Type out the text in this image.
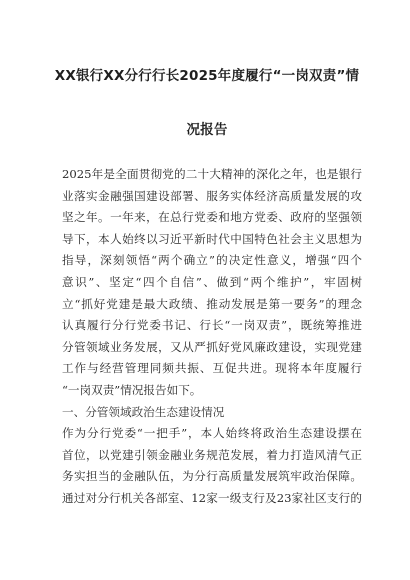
XX银行XX分行行长2025年度履行“一岗双责”情
况报告
2025年是全面贯彻党的二十大精神的深化之年，也是银行
业落实金融强国建设部署、服务实体经济高质量发展的攻
坚之年。一年来，在总行党委和地方党委、政府的坚强领
导下，本人始终以习近平新时代中国特色社会主义思想为
指导，深刻领悟“两个确立”的决定性意义，增强“四个
意识”、坚定“四个自信”、做到“两个维护”，牢固树
立“抓好党建是最大政绩、推动发展是第一要务”的理念
认真履行分行党委书记、行长“一岗双责”，既统筹推进
分管领域业务发展，又从严抓好党风廉政建设，实现党建
工作与经营管理同频共振、互促共进。现将本年度履行
“一岗双责”情况报告如下。
一、分管领域政治生态建设情况
作为分行党委“一把手”，本人始终将政治生态建设摆在
首位，以党建引领金融业务规范发展，着力打造风清气正
务实担当的金融队伍，为分行高质量发展筑牢政治保障。
通过对分行机关各部室、12家一级支行及23家社区支行的
